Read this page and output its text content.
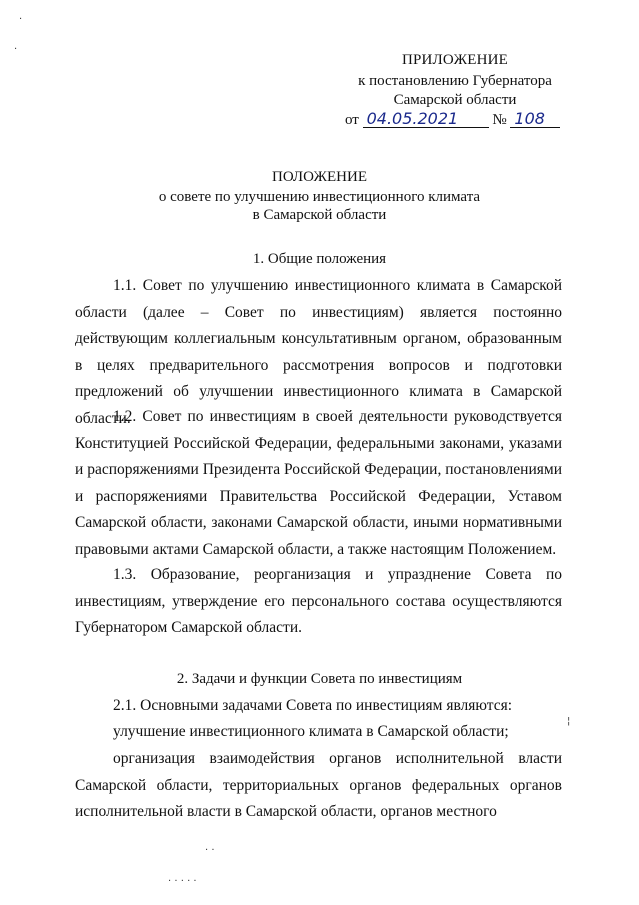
ПРИЛОЖЕНИЕ
к постановлению Губернатора
Самарской области
от 04.05.2021 № 108
ПОЛОЖЕНИЕ
о совете по улучшению инвестиционного климата
в Самарской области
1. Общие положения
1.1. Совет по улучшению инвестиционного климата в Самарской области (далее – Совет по инвестициям) является постоянно действующим коллегиальным консультативным органом, образованным в целях предварительного рассмотрения вопросов и подготовки предложений об улучшении инвестиционного климата в Самарской области.
1.2. Совет по инвестициям в своей деятельности руководствуется Конституцией Российской Федерации, федеральными законами, указами и распоряжениями Президента Российской Федерации, постановлениями и распоряжениями Правительства Российской Федерации, Уставом Самарской области, законами Самарской области, иными нормативными правовыми актами Самарской области, а также настоящим Положением.
1.3. Образование, реорганизация и упразднение Совета по инвестициям, утверждение его персонального состава осуществляются Губернатором Самарской области.
2. Задачи и функции Совета по инвестициям
2.1. Основными задачами Совета по инвестициям являются:
улучшение инвестиционного климата в Самарской области;
организация взаимодействия органов исполнительной власти Самарской области, территориальных органов федеральных органов исполнительной власти в Самарской области, органов местного
·
·
¦
· ·
· · · · ·
